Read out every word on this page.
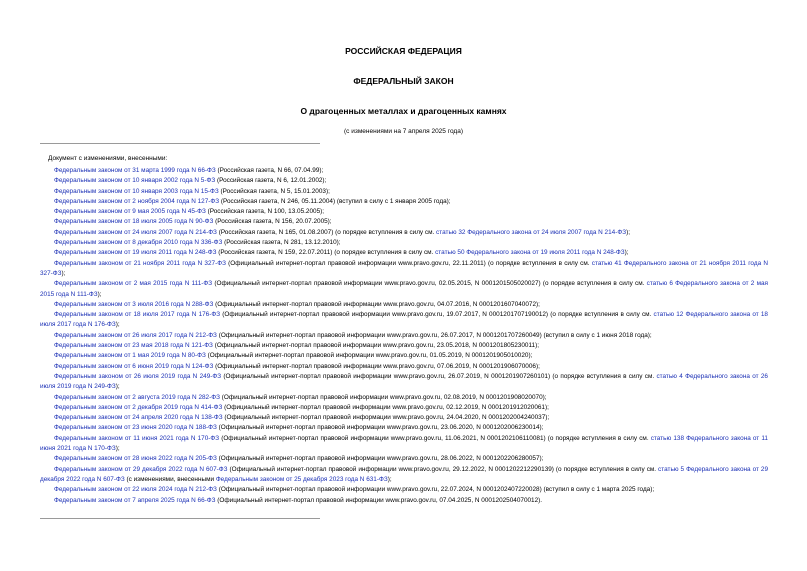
РОССИЙСКАЯ ФЕДЕРАЦИЯ
ФЕДЕРАЛЬНЫЙ ЗАКОН
О драгоценных металлах и драгоценных камнях
(с изменениями на 7 апреля 2025 года)
Документ с изменениями, внесенными:

Федеральным законом от 31 марта 1999 года N 66-ФЗ (Российская газета, N 66, 07.04.99);

Федеральным законом от 10 января 2002 года N 5-ФЗ (Российская газета, N 6, 12.01.2002);

Федеральным законом от 10 января 2003 года N 15-ФЗ (Российская газета, N 5, 15.01.2003);

Федеральным законом от 2 ноября 2004 года N 127-ФЗ (Российская газета, N 246, 05.11.2004) (вступил в силу с 1 января 2005 года);

Федеральным законом от 9 мая 2005 года N 45-ФЗ (Российская газета, N 100, 13.05.2005);

Федеральным законом от 18 июля 2005 года N 90-ФЗ (Российская газета, N 156, 20.07.2005);

Федеральным законом от 24 июля 2007 года N 214-ФЗ (Российская газета, N 165, 01.08.2007) (о порядке вступления в силу см. статью 32 Федерального закона от 24 июля 2007 года N 214-ФЗ);

Федеральным законом от 8 декабря 2010 года N 336-ФЗ (Российская газета, N 281, 13.12.2010);

Федеральным законом от 19 июля 2011 года N 248-ФЗ (Российская газета, N 159, 22.07.2011) (о порядке вступления в силу см. статью 50 Федерального закона от 19 июля 2011 года N 248-ФЗ);

Федеральным законом от 21 ноября 2011 года N 327-ФЗ (Официальный интернет-портал правовой информации www.pravo.gov.ru, 22.11.2011) (о порядке вступления в силу см. статью 41 Федерального закона от 21 ноября 2011 года N 327-ФЗ);

Федеральным законом от 2 мая 2015 года N 111-ФЗ (Официальный интернет-портал правовой информации www.pravo.gov.ru, 02.05.2015, N 0001201505020027) (о порядке вступления в силу см. статью 6 Федерального закона от 2 мая 2015 года N 111-ФЗ);

Федеральным законом от 3 июля 2016 года N 288-ФЗ (Официальный интернет-портал правовой информации www.pravo.gov.ru, 04.07.2016, N 0001201607040072);

Федеральным законом от 18 июля 2017 года N 176-ФЗ (Официальный интернет-портал правовой информации www.pravo.gov.ru, 19.07.2017, N 0001201707190012) (о порядке вступления в силу см. статью 12 Федерального закона от 18 июля 2017 года N 176-ФЗ);

Федеральным законом от 26 июля 2017 года N 212-ФЗ (Официальный интернет-портал правовой информации www.pravo.gov.ru, 26.07.2017, N 0001201707260049) (вступил в силу с 1 июня 2018 года);

Федеральным законом от 23 мая 2018 года N 121-ФЗ (Официальный интернет-портал правовой информации www.pravo.gov.ru, 23.05.2018, N 0001201805230011);

Федеральным законом от 1 мая 2019 года N 80-ФЗ (Официальный интернет-портал правовой информации www.pravo.gov.ru, 01.05.2019, N 0001201905010020);

Федеральным законом от 6 июня 2019 года N 124-ФЗ (Официальный интернет-портал правовой информации www.pravo.gov.ru, 07.06.2019, N 0001201906070006);

Федеральным законом от 26 июля 2019 года N 249-ФЗ (Официальный интернет-портал правовой информации www.pravo.gov.ru, 26.07.2019, N 0001201907260101) (о порядке вступления в силу см. статью 4 Федерального закона от 26 июля 2019 года N 249-ФЗ);

Федеральным законом от 2 августа 2019 года N 282-ФЗ (Официальный интернет-портал правовой информации www.pravo.gov.ru, 02.08.2019, N 0001201908020070);

Федеральным законом от 2 декабря 2019 года N 414-ФЗ (Официальный интернет-портал правовой информации www.pravo.gov.ru, 02.12.2019, N 0001201912020061);

Федеральным законом от 24 апреля 2020 года N 138-ФЗ (Официальный интернет-портал правовой информации www.pravo.gov.ru, 24.04.2020, N 0001202004240037);

Федеральным законом от 23 июня 2020 года N 188-ФЗ (Официальный интернет-портал правовой информации www.pravo.gov.ru, 23.06.2020, N 0001202006230014);

Федеральным законом от 11 июня 2021 года N 170-ФЗ (Официальный интернет-портал правовой информации www.pravo.gov.ru, 11.06.2021, N 0001202106110081) (о порядке вступления в силу см. статью 138 Федерального закона от 11 июня 2021 года N 170-ФЗ);

Федеральным законом от 28 июня 2022 года N 205-ФЗ (Официальный интернет-портал правовой информации www.pravo.gov.ru, 28.06.2022, N 0001202206280057);

Федеральным законом от 29 декабря 2022 года N 607-ФЗ (Официальный интернет-портал правовой информации www.pravo.gov.ru, 29.12.2022, N 0001202212290139) (о порядке вступления в силу см. статью 5 Федерального закона от 29 декабря 2022 года N 607-ФЗ (с изменениями, внесенными Федеральным законом от 25 декабря 2023 года N 631-ФЗ);

Федеральным законом от 22 июля 2024 года N 212-ФЗ (Официальный интернет-портал правовой информации www.pravo.gov.ru, 22.07.2024, N 0001202407220028) (вступил в силу с 1 марта 2025 года);

Федеральным законом от 7 апреля 2025 года N 66-ФЗ (Официальный интернет-портал правовой информации www.pravo.gov.ru, 07.04.2025, N 0001202504070012).
